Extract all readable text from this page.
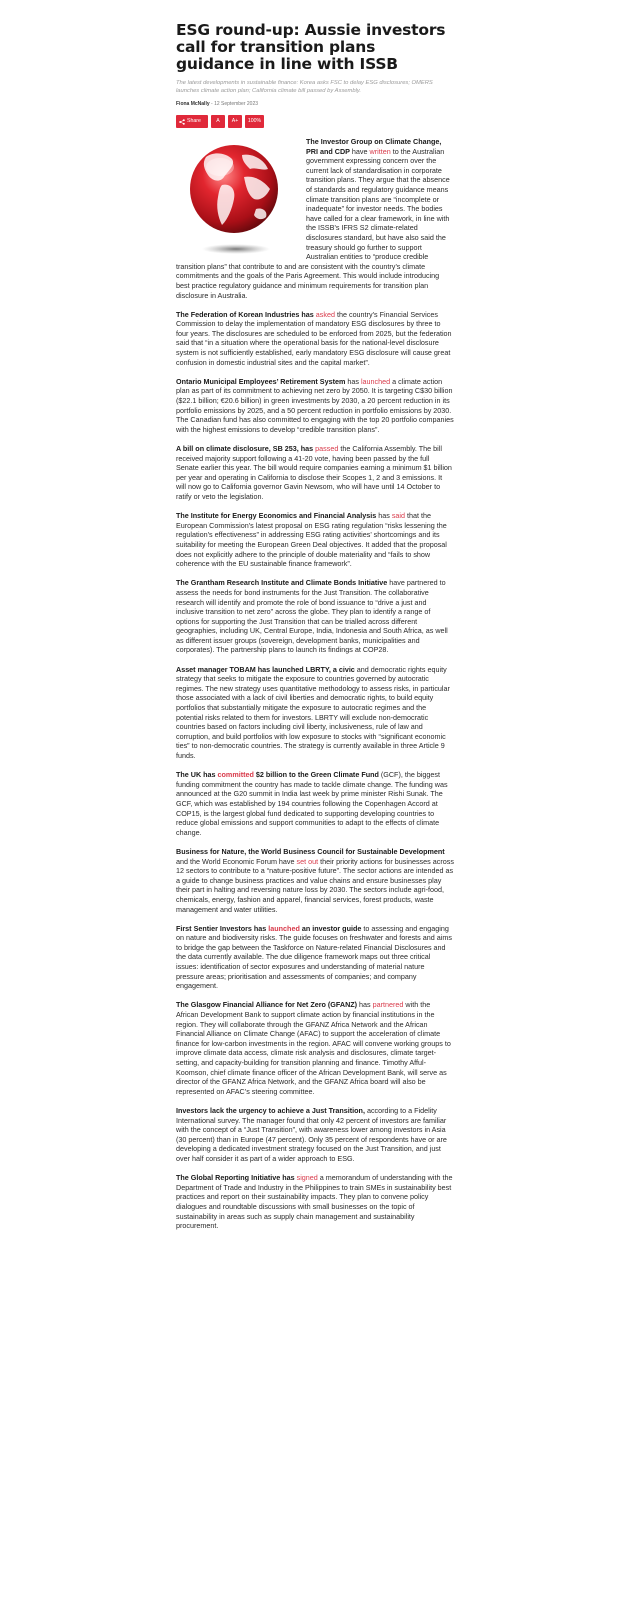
ESG round-up: Aussie investors call for transition plans guidance in line with ISSB
The latest developments in sustainable finance: Korea asks FSC to delay ESG disclosures; OMERS launches climate action plan; California climate bill passed by Assembly.
Fiona McNally - 12 September 2023
Share	A	A+	100%

The Investor Group on Climate Change, PRI and CDP have written to the Australian government expressing concern over the current lack of standardisation in corporate transition plans. They argue that the absence of standards and regulatory guidance means climate transition plans are “incomplete or inadequate” for investor needs. The bodies have called for a clear framework, in line with the ISSB’s IFRS S2 climate-related disclosures standard, but have also said the treasury should go further to support Australian entities to “produce credible transition plans” that contribute to and are consistent with the country’s climate commitments and the goals of the Paris Agreement. This would include introducing best practice regulatory guidance and minimum requirements for transition plan disclosure in Australia.

The Federation of Korean Industries has asked the country’s Financial Services Commission to delay the implementation of mandatory ESG disclosures by three to four years. The disclosures are scheduled to be enforced from 2025, but the federation said that “in a situation where the operational basis for the national-level disclosure system is not sufficiently established, early mandatory ESG disclosure will cause great confusion in domestic industrial sites and the capital market”.

Ontario Municipal Employees’ Retirement System has launched a climate action plan as part of its commitment to achieving net zero by 2050. It is targeting C$30 billion ($22.1 billion; €20.6 billion) in green investments by 2030, a 20 percent reduction in its portfolio emissions by 2025, and a 50 percent reduction in portfolio emissions by 2030. The Canadian fund has also committed to engaging with the top 20 portfolio companies with the highest emissions to develop “credible transition plans”.

A bill on climate disclosure, SB 253, has passed the California Assembly. The bill received majority support following a 41-20 vote, having been passed by the full Senate earlier this year. The bill would require companies earning a minimum $1 billion per year and operating in California to disclose their Scopes 1, 2 and 3 emissions. It will now go to California governor Gavin Newsom, who will have until 14 October to ratify or veto the legislation.

The Institute for Energy Economics and Financial Analysis has said that the European Commission’s latest proposal on ESG rating regulation “risks lessening the regulation’s effectiveness” in addressing ESG rating activities’ shortcomings and its suitability for meeting the European Green Deal objectives. It added that the proposal does not explicitly adhere to the principle of double materiality and “fails to show coherence with the EU sustainable finance framework”.

The Grantham Research Institute and Climate Bonds Initiative have partnered to assess the needs for bond instruments for the Just Transition. The collaborative research will identify and promote the role of bond issuance to “drive a just and inclusive transition to net zero” across the globe. They plan to identify a range of options for supporting the Just Transition that can be trialled across different geographies, including UK, Central Europe, India, Indonesia and South Africa, as well as different issuer groups (sovereign, development banks, municipalities and corporates). The partnership plans to launch its findings at COP28.

Asset manager TOBAM has launched LBRTY, a civic and democratic rights equity strategy that seeks to mitigate the exposure to countries governed by autocratic regimes. The new strategy uses quantitative methodology to assess risks, in particular those associated with a lack of civil liberties and democratic rights, to build equity portfolios that substantially mitigate the exposure to autocratic regimes and the potential risks related to them for investors. LBRTY will exclude non-democratic countries based on factors including civil liberty, inclusiveness, rule of law and corruption, and build portfolios with low exposure to stocks with “significant economic ties” to non-democratic countries. The strategy is currently available in three Article 9 funds.

The UK has committed $2 billion to the Green Climate Fund (GCF), the biggest funding commitment the country has made to tackle climate change. The funding was announced at the G20 summit in India last week by prime minister Rishi Sunak. The GCF, which was established by 194 countries following the Copenhagen Accord at COP15, is the largest global fund dedicated to supporting developing countries to reduce global emissions and support communities to adapt to the effects of climate change.

Business for Nature, the World Business Council for Sustainable Development and the World Economic Forum have set out their priority actions for businesses across 12 sectors to contribute to a “nature-positive future”. The sector actions are intended as a guide to change business practices and value chains and ensure businesses play their part in halting and reversing nature loss by 2030. The sectors include agri-food, chemicals, energy, fashion and apparel, financial services, forest products, waste management and water utilities.

First Sentier Investors has launched an investor guide to assessing and engaging on nature and biodiversity risks. The guide focuses on freshwater and forests and aims to bridge the gap between the Taskforce on Nature-related Financial Disclosures and the data currently available. The due diligence framework maps out three critical issues: identification of sector exposures and understanding of material nature pressure areas; prioritisation and assessments of companies; and company engagement.

The Glasgow Financial Alliance for Net Zero (GFANZ) has partnered with the African Development Bank to support climate action by financial institutions in the region. They will collaborate through the GFANZ Africa Network and the African Financial Alliance on Climate Change (AFAC) to support the acceleration of climate finance for low-carbon investments in the region. AFAC will convene working groups to improve climate data access, climate risk analysis and disclosures, climate target-setting, and capacity-building for transition planning and finance. Timothy Afful-Koomson, chief climate finance officer of the African Development Bank, will serve as director of the GFANZ Africa Network, and the GFANZ Africa board will also be represented on AFAC’s steering committee.

Investors lack the urgency to achieve a Just Transition, according to a Fidelity International survey. The manager found that only 42 percent of investors are familiar with the concept of a “Just Transition”, with awareness lower among investors in Asia (30 percent) than in Europe (47 percent). Only 35 percent of respondents have or are developing a dedicated investment strategy focused on the Just Transition, and just over half consider it as part of a wider approach to ESG.

The Global Reporting Initiative has signed a memorandum of understanding with the Department of Trade and Industry in the Philippines to train SMEs in sustainability best practices and report on their sustainability impacts. They plan to convene policy dialogues and roundtable discussions with small businesses on the topic of sustainability in areas such as supply chain management and sustainability procurement.
